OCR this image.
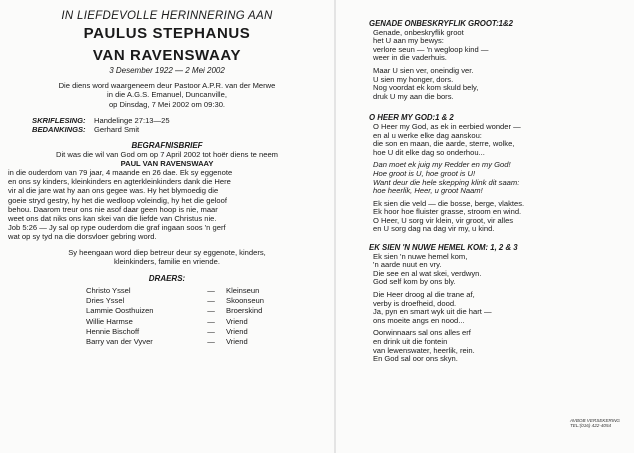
IN LIEFDEVOLLE HERINNERING AAN
PAULUS STEPHANUS
VAN RAVENSWAAY
3 Desember 1922 — 2 Mei 2002
Die diens word waargeneem deur Pastoor A.P.R. van der Merwe
in die A.G.S. Emanuel, Duncanville,
op Dinsdag, 7 Mei 2002 om 09:30.
SKRIFLESING:	Handelinge 27:13—25
BEDANKINGS:	Gerhard Smit
BEGRAFNISBRIEF
Dit was die wil van God om op 7 April 2002 tot hoër diens te neem
PAUL VAN RAVENSWAAY
in die ouderdom van 79 jaar, 4 maande en 26 dae. Ek sy eggenote
en ons sy kinders, kleinkinders en agterkleinkinders dank die Here
vir al die jare wat hy aan ons gegee was. Hy het blymoedig die
goeie stryd gestry, hy het die wedloop voleindig, hy het die geloof
behou. Daarom treur ons nie asof daar geen hoop is nie, maar
weet ons dat niks ons kan skei van die liefde van Christus nie.
Job 5:26 — Jy sal op rype ouderdom die graf ingaan soos 'n gerf
wat op sy tyd na die dorsvloer gebring word.
Sy heengaan word diep betreur deur sy eggenote, kinders,
kleinkinders, familie en vriende.
DRAERS:
Christo Yssel	—	Kleinseun
Dries Yssel	—	Skoonseun
Lammie Oosthuizen	—	Broerskind
Willie Harmse	—	Vriend
Hennie Bischoff	—	Vriend
Barry van der Vyver	—	Vriend
GENADE ONBESKRYFLIK GROOT:1&2
Genade, onbeskryflik groot
het U aan my bewys:
verlore seun — 'n wegloop kind —
weer in die vaderhuis.
Maar U sien ver, oneindig ver.
U sien my honger, dors.
Nog voordat ek kom skuld bely,
druk U my aan die bors.
O HEER MY GOD:1 & 2
O Heer my God, as ek in eerbied wonder —
en al u werke elke dag aanskou:
die son en maan, die aarde, sterre, wolke,
hoe U dit elke dag so onderhou...
Dan moet ek juig my Redder en my God!
Hoe groot is U, hoe groot is U!
Want deur die hele skepping klink dit saam:
hoe heerlik, Heer, u groot Naam!
Ek sien die veld — die bosse, berge, vlaktes.
Ek hoor hoe fluister grasse, stroom en wind.
O Heer, U sorg vir klein, vir groot, vir alles
en U sorg dag na dag vir my, u kind.
EK SIEN 'N NUWE HEMEL KOM: 1, 2 & 3
Ek sien 'n nuwe hemel kom,
'n aarde nuut en vry.
Die see en al wat skei, verdwyn.
God self kom by ons bly.
Die Heer droog al die trane af,
verby is droefheid, dood.
Ja, pyn en smart wyk uit die hart —
ons moeite angs en nood...
Oorwinnaars sal ons alles erf
en drink uit die fontein
van lewenswater, heerlik, rein.
En God sal oor ons skyn.
AVBOB VERSEKERING
TEL:(016) 422-4054
